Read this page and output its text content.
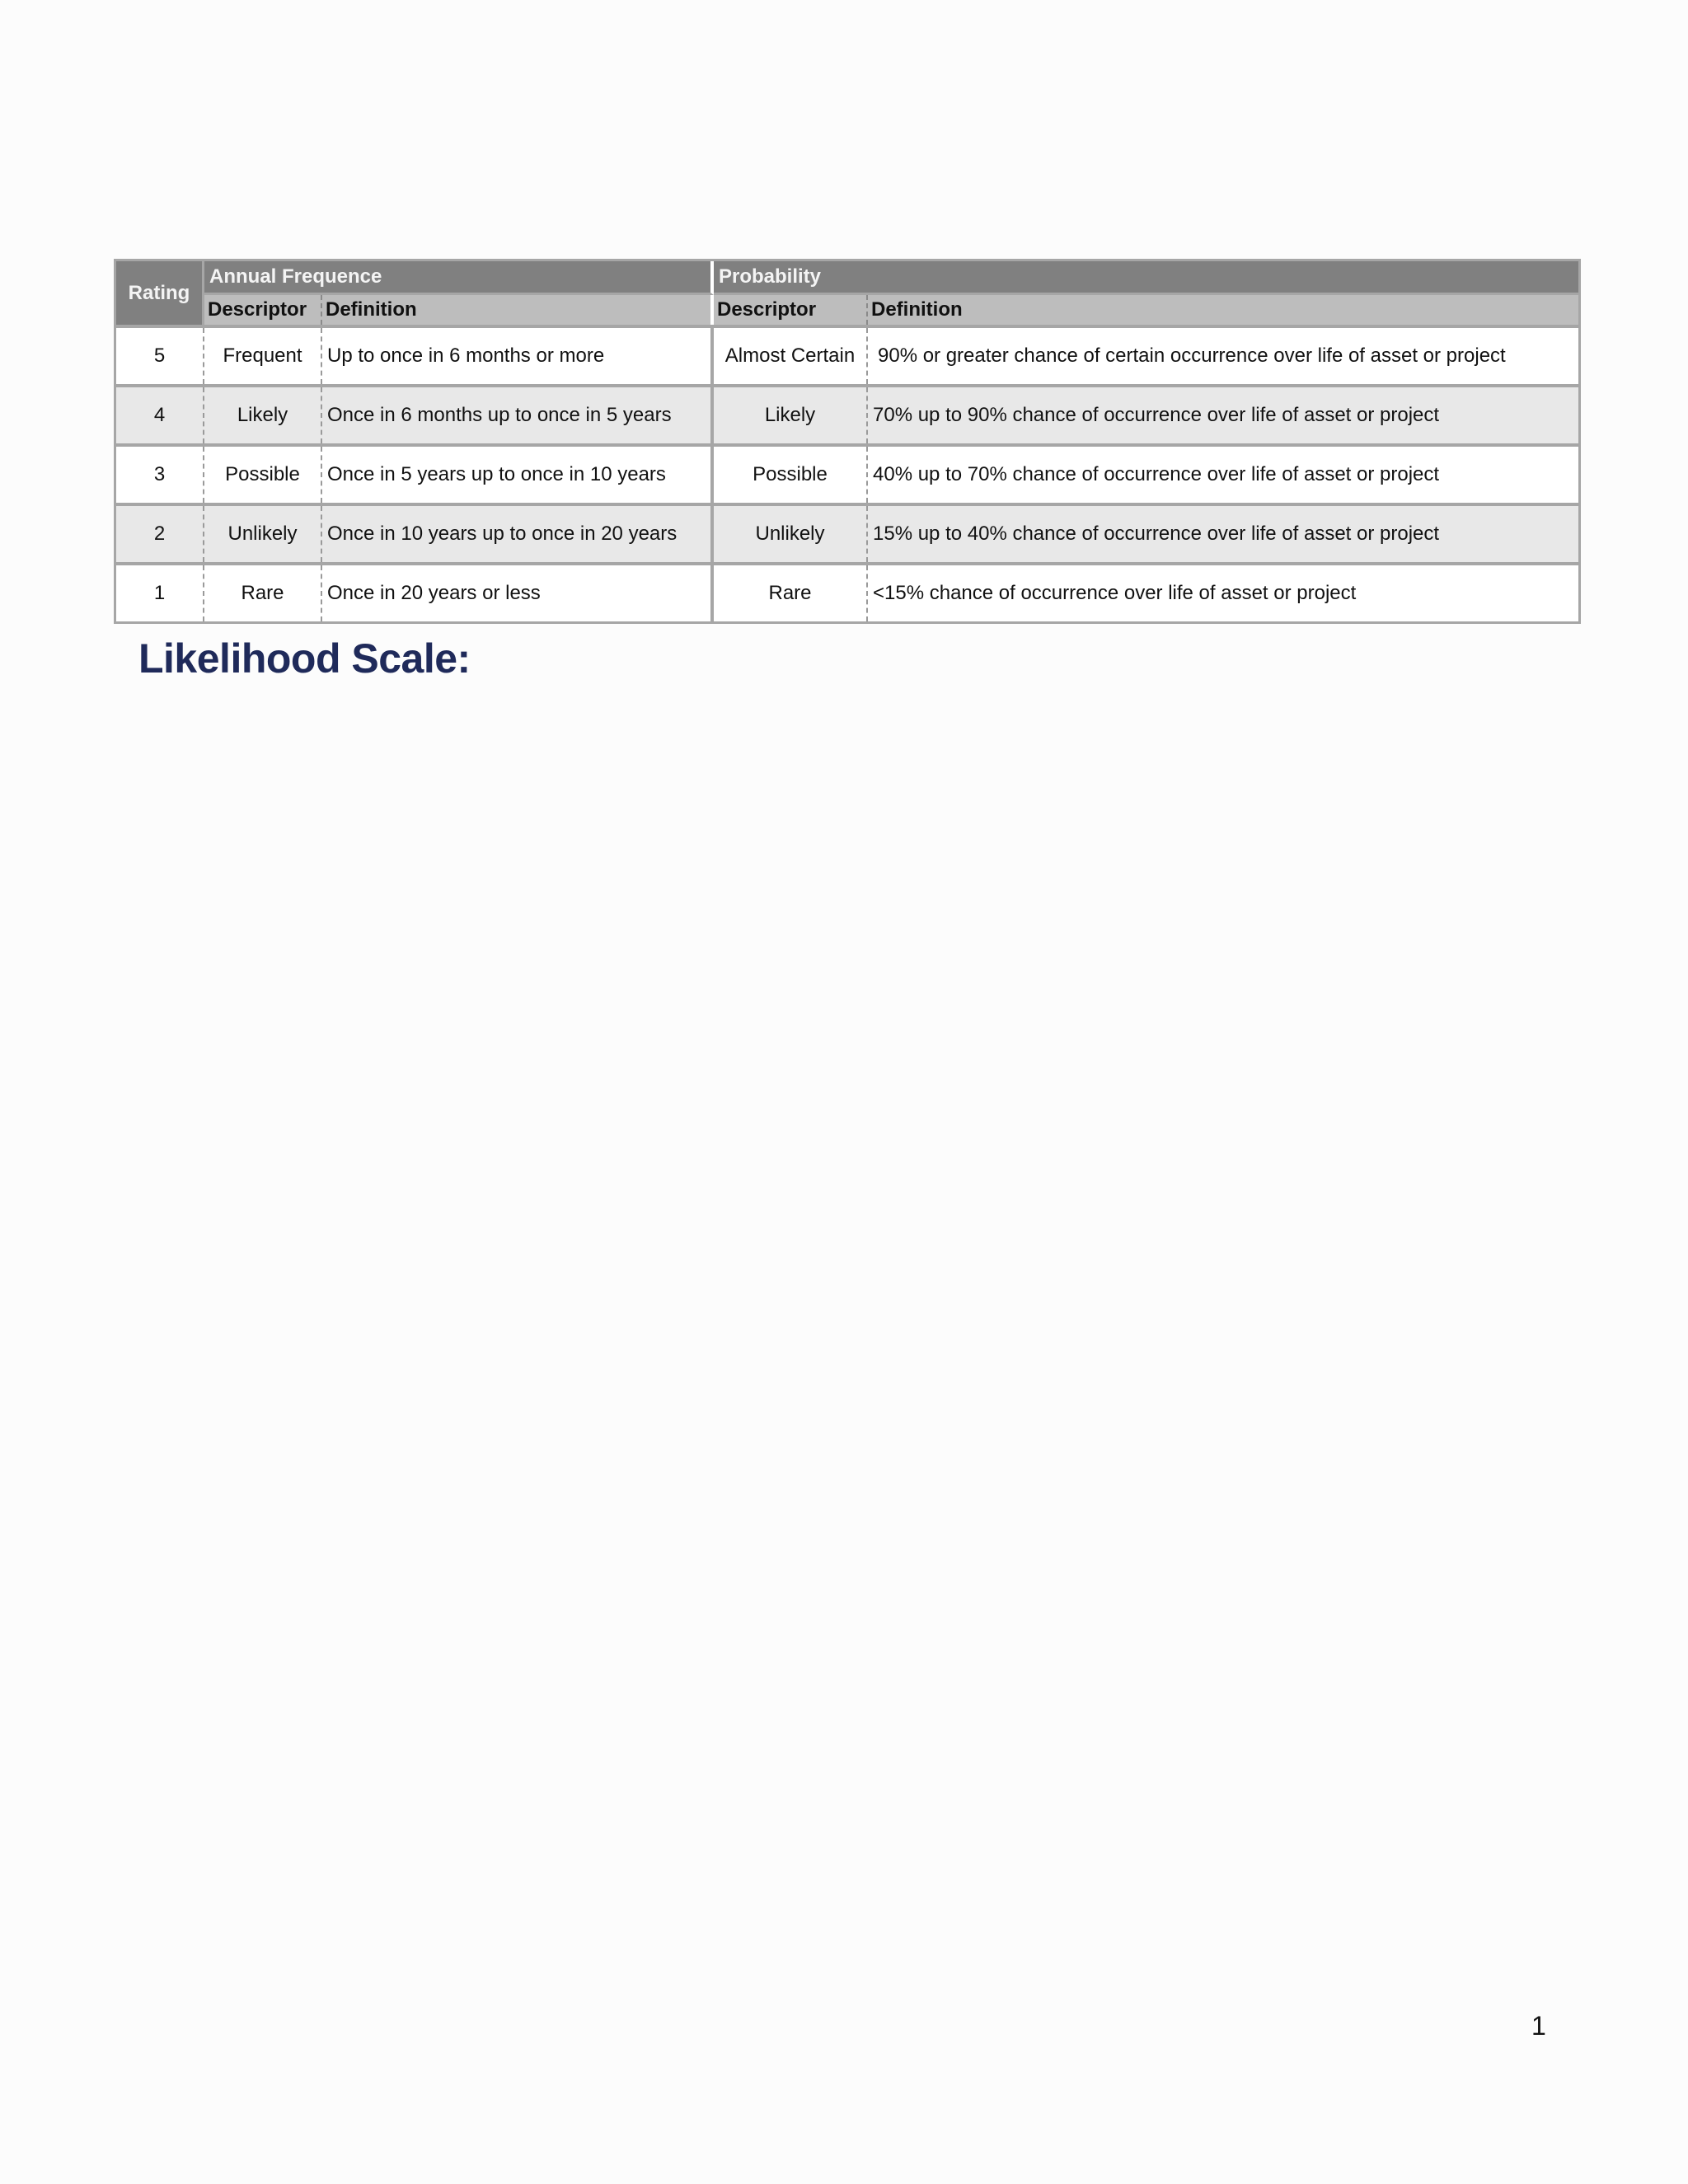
Rating	Annual Frequence		Probability	
	Descriptor	Definition	Descriptor	Definition

5	Frequent	Up to once in 6 months or more	Almost Certain	90% or greater chance of certain occurrence over life of asset or project

4	Likely	Once in 6 months up to once in 5 years	Likely	70% up to 90% chance of occurrence over life of asset or project

3	Possible	Once in 5 years up to once in 10 years	Possible	40% up to 70% chance of occurrence over life of asset or project

2	Unlikely	Once in 10 years up to once in 20 years	Unlikely	15% up to 40% chance of occurrence over life of asset or project

1	Rare	Once in 20 years or less	Rare	<15% chance of occurrence over life of asset or project
Likelihood Scale:
1
